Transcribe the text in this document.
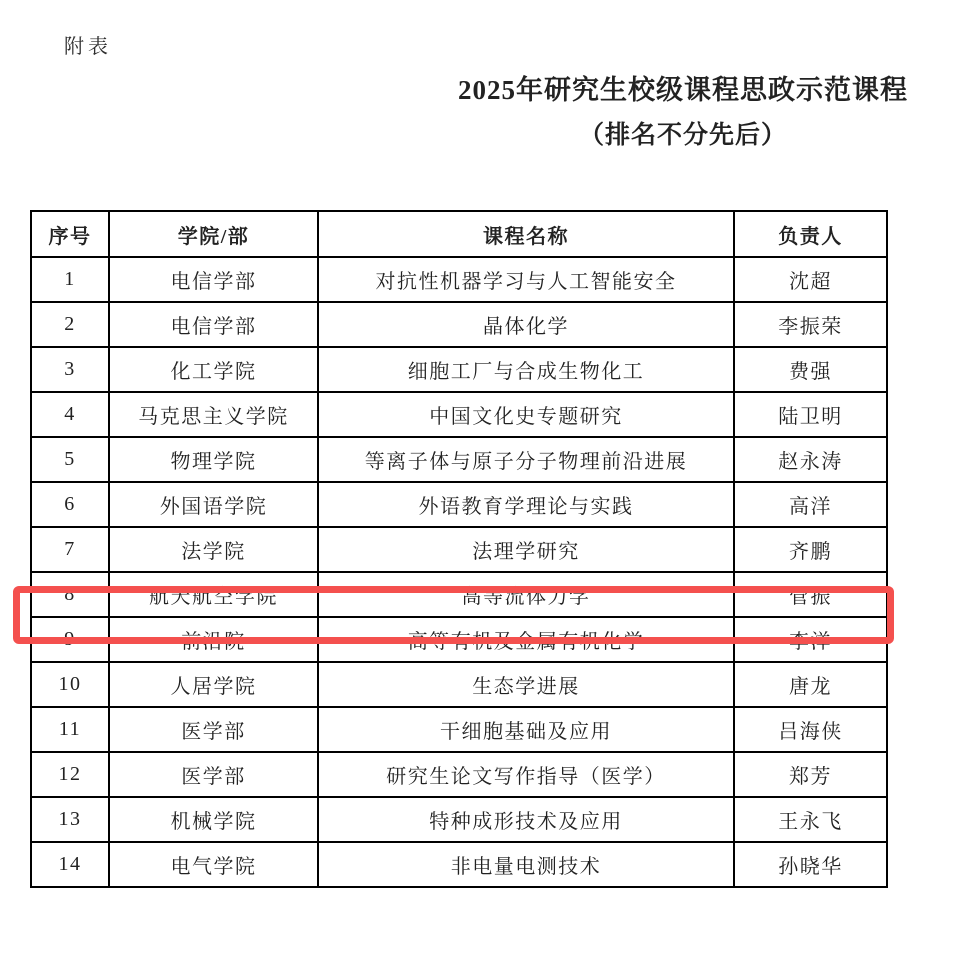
附表
2025年研究生校级课程思政示范课程
（排名不分先后）
序号	学院/部	课程名称	负责人
1	电信学部	对抗性机器学习与人工智能安全	沈超
2	电信学部	晶体化学	李振荣
3	化工学院	细胞工厂与合成生物化工	费强
4	马克思主义学院	中国文化史专题研究	陆卫明
5	物理学院	等离子体与原子分子物理前沿进展	赵永涛
6	外国语学院	外语教育学理论与实践	高洋
7	法学院	法理学研究	齐鹏
8	航天航空学院	高等流体力学	菅振
9	前沿院	高等有机及金属有机化学	李洋
10	人居学院	生态学进展	唐龙
11	医学部	干细胞基础及应用	吕海侠
12	医学部	研究生论文写作指导（医学）	郑芳
13	机械学院	特种成形技术及应用	王永飞
14	电气学院	非电量电测技术	孙晓华
